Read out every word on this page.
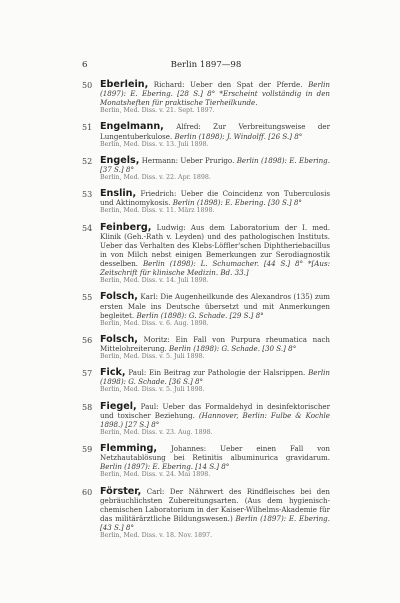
6	Berlin 1897—98
50 Eberlein, Richard: Ueber den Spat der Pferde. Berlin (1897): E. Ebering. [28 S.] 8° *Erscheint vollständig in den Monatsheften für praktische Tierheilkunde.
Berlin, Med. Diss. v. 21. Sept. 1897.
51 Engelmann, Alfred: Zur Verbreitungsweise der Lungentuberkulose. Berlin (1898): J. Windolff. [26 S.] 8°
Berlin, Med. Diss. v. 13. Juli 1898.
52 Engels, Hermann: Ueber Prurigo. Berlin (1898): E. Ebering. [37 S.] 8°
Berlin, Med. Diss. v. 22. Apr. 1898.
53 Enslin, Friedrich: Ueber die Coincidenz von Tuberculosis und Aktinomykosis. Berlin (1898): E. Ebering. [30 S.] 8°
Berlin, Med. Diss. v. 11. März 1898.
54 Feinberg, Ludwig: Aus dem Laboratorium der I. med. Klinik (Geh.-Rath v. Leyden) und des pathologischen Instituts. Ueber das Verhalten des Klebs-Löffler'schen Diphtheriebacillus in von Milch nebst einigen Bemerkungen zur Serodiagnostik desselben. Berlin (1898): L. Schumacher. [44 S.] 8° *[Aus: Zeitschrift für klinische Medizin. Bd. 33.]
Berlin, Med. Diss. v. 14. Juli 1898.
55 Folsch, Karl: Die Augenheilkunde des Alexandros (135) zum ersten Male ins Deutsche übersetzt und mit Anmerkungen begleitet. Berlin (1898): G. Schade. [29 S.] 8°
Berlin, Med. Diss. v. 6. Aug. 1898.
56 Folsch, Moritz: Ein Fall von Purpura rheumatica nach Mittelohreiterung. Berlin (1898): G. Schade. [30 S.] 8°
Berlin, Med. Diss. v. 5. Juli 1898.
57 Fick, Paul: Ein Beitrag zur Pathologie der Halsrippen. Berlin (1898): G. Schade. [36 S.] 8°
Berlin, Med. Diss. v. 5. Juli 1898.
58 Fiegel, Paul: Ueber das Formaldehyd in desinfektorischer und toxischer Beziehung. (Hannover, Berlin: Fulbe & Kochle 1898.) [27 S.] 8°
Berlin, Med. Diss. v. 23. Aug. 1898.
59 Flemming, Johannes: Ueber einen Fall von Netzhautablösung bei Retinitis albuminurica gravidarum. Berlin (1897): E. Ebering. [14 S.] 8°
Berlin, Med. Diss. v. 24. Mai 1898.
60 Förster, Carl: Der Nährwert des Rindfleisches bei den gebräuchlichsten Zubereitungsarten. (Aus dem hygienisch-chemischen Laboratorium in der Kaiser-Wilhelms-Akademie für das militärärztliche Bildungswesen.) Berlin (1897): E. Ebering. [43 S.] 8°
Berlin, Med. Diss. v. 18. Nov. 1897.
